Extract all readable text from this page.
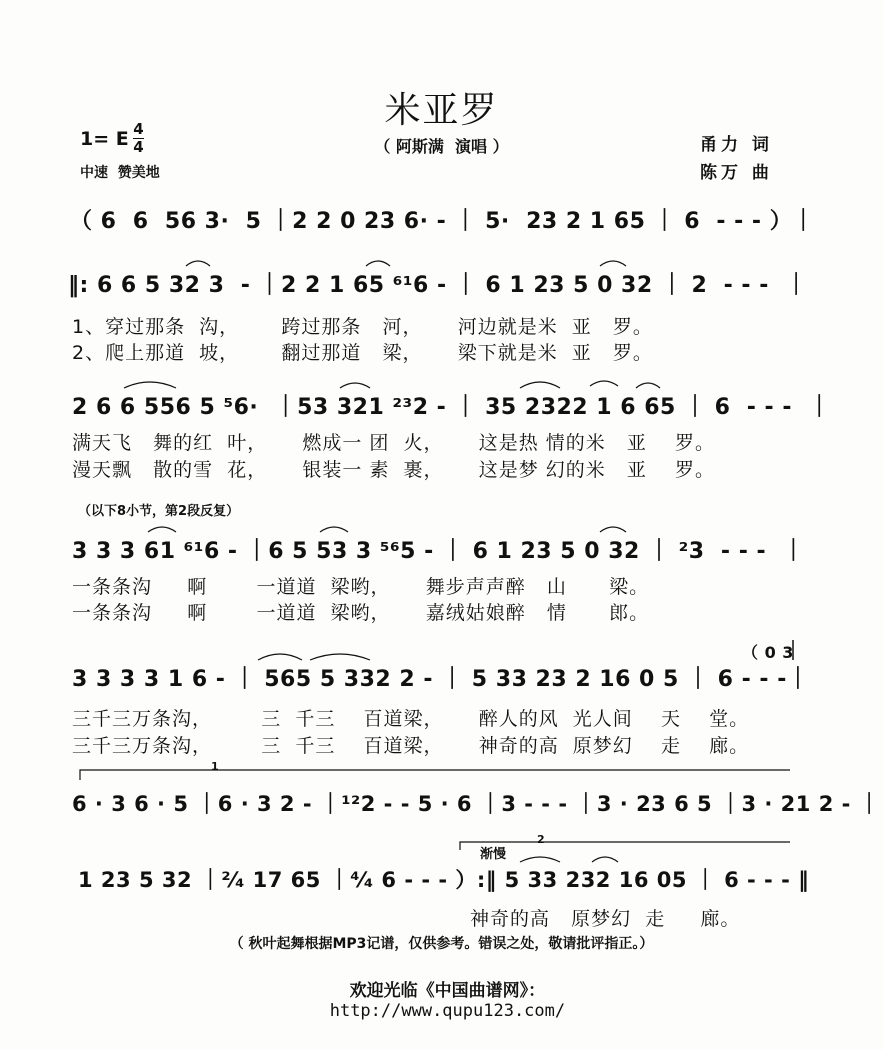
米亚罗
1= E 4
4
中速  赞美地
（ 阿斯满  演唱 ）	甬力 词
陈万 曲
（ 6  6  56 3·  5 ｜2 2 0 23 6· - ｜ 5·  23 2 1 65 ｜ 6  - - - ）｜
‖: 6 6 5 32 3  - ｜2 2 1 65 ⁶¹6 - ｜ 6 1 23 5 0 32 ｜ 2  - - -  ｜
1、穿过那条  沟，      跨过那条   河，     河边就是米  亚   罗。
2、爬上那道  坡，      翻过那道   梁，     梁下就是米  亚   罗。
2 6 6 556 5 ⁵6·  ｜53 321 ²³2 - ｜ 35 2322 1 6 65 ｜ 6  - - -  ｜
满天飞   舞的红  叶，     燃成一 团  火，     这是热 情的米   亚    罗。
漫天飘   散的雪  花，     银装一 素  裹，     这是梦 幻的米   亚    罗。
（以下8小节，第2段反复）
3 3 3 61 ⁶¹6 - ｜6 5 53 3 ⁵⁶5 - ｜ 6 1 23 5 0 32 ｜ ²3  - - -  ｜
一条条沟     啊       一道道  梁哟，     舞步声声醉   山      梁。
一条条沟     啊       一道道  梁哟，     嘉绒姑娘醉   情      郎。
（ 0 3
3 3 3 3 1 6 - ｜ 565 5 332 2 - ｜ 5 33 23 2 16 0 5 ｜ 6 - - -｜
三千三万条沟，       三  千三    百道梁，     醉人的风  光人间    天    堂。
三千三万条沟，       三  千三    百道梁，     神奇的高  原梦幻    走    廊。
1
6 · 3 6 · 5 ｜6 · 3 2 - ｜¹²2 - - 5 · 6 ｜3 - - - ｜3 · 23 6 5 ｜3 · 21 2 - ｜
渐慢
2
1 23 5 32 ｜²⁄₄ 17 65 ｜⁴⁄₄ 6 - - - ）:‖ 5 33 232 16 05 ｜ 6 - - - ‖
神奇的高   原梦幻  走     廊。
（ 秋叶起舞根据MP3记谱，仅供参考。错误之处，敬请批评指正。）

欢迎光临《中国曲谱网》：
http://www.qupu123.com/
